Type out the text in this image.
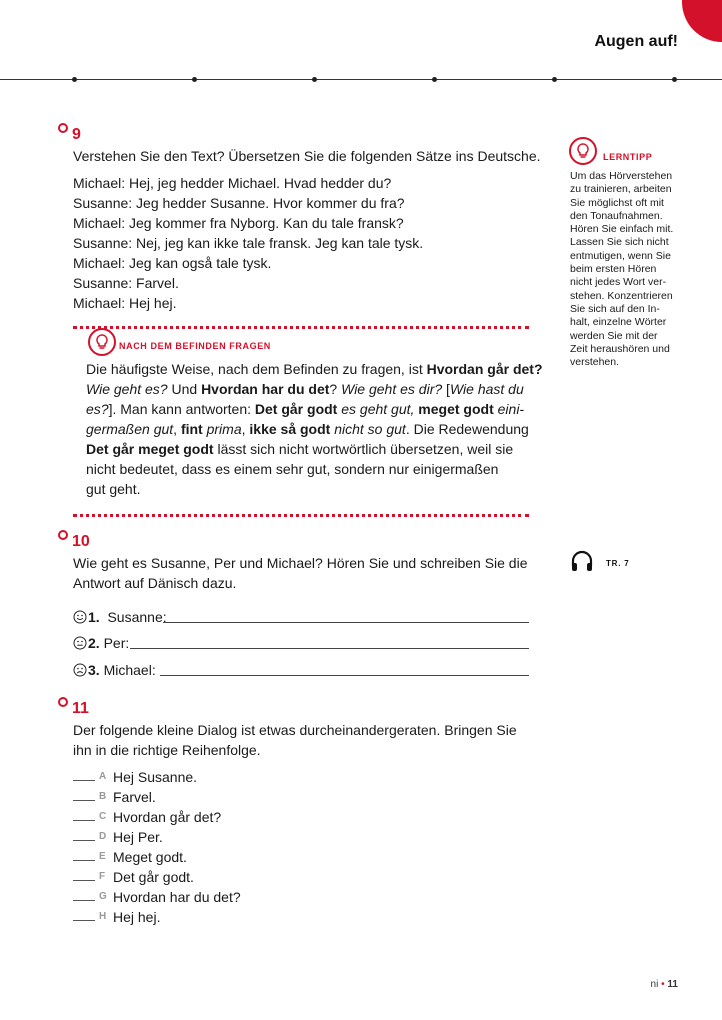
Augen auf!
9
Verstehen Sie den Text? Übersetzen Sie die folgenden Sätze ins Deutsche.
Michael: Hej, jeg hedder Michael. Hvad hedder du?
Susanne: Jeg hedder Susanne. Hvor kommer du fra?
Michael: Jeg kommer fra Nyborg. Kan du tale fransk?
Susanne: Nej, jeg kan ikke tale fransk. Jeg kan tale tysk.
Michael: Jeg kan også tale tysk.
Susanne: Farvel.
Michael: Hej hej.
NACH DEM BEFINDEN FRAGEN
Die häufigste Weise, nach dem Befinden zu fragen, ist Hvordan går det?
Wie geht es? Und Hvordan har du det? Wie geht es dir? [Wie hast du
es?]. Man kann antworten: Det går godt es geht gut, meget godt eini-
germaßen gut, fint prima, ikke så godt nicht so gut. Die Redewendung
Det går meget godt lässt sich nicht wortwörtlich übersetzen, weil sie
nicht bedeutet, dass es einem sehr gut, sondern nur einigermaßen
gut geht.
LERNTIPP
Um das Hörverstehen
zu trainieren, arbeiten
Sie möglichst oft mit
den Tonaufnahmen.
Hören Sie einfach mit.
Lassen Sie sich nicht
entmutigen, wenn Sie
beim ersten Hören
nicht jedes Wort ver-
stehen. Konzentrieren
Sie sich auf den In-
halt, einzelne Wörter
werden Sie mit der
Zeit heraushören und
verstehen.
10
Wie geht es Susanne, Per und Michael? Hören Sie und schreiben Sie die
Antwort auf Dänisch dazu.
TR. 7
1. Susanne:
2. Per:
3. Michael:
11
Der folgende kleine Dialog ist etwas durcheinandergeraten. Bringen Sie
ihn in die richtige Reihenfolge.
A Hej Susanne.
B Farvel.
C Hvordan går det?
D Hej Per.
E Meget godt.
F Det går godt.
G Hvordan har du det?
H Hej hej.
ni • 11
